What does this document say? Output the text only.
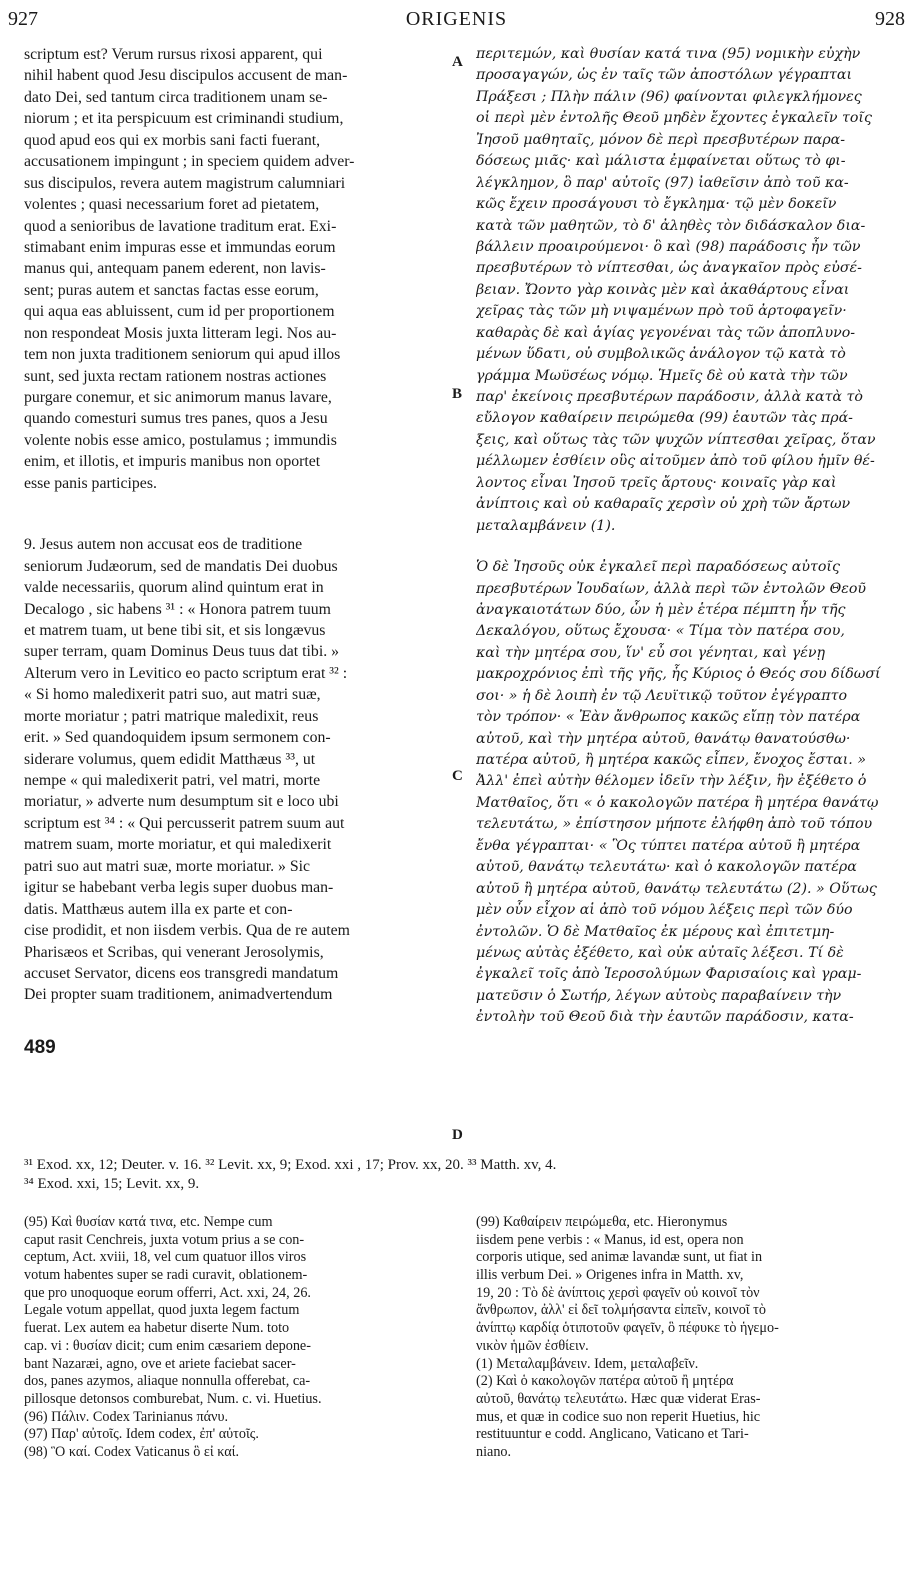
927	ORIGENIS	928
scriptum est? Verum rursus rixosi apparent, qui
nihil habent quod Jesu discipulos accusent de man-
dato Dei, sed tantum circa traditionem unam se-
niorum ; et ita perspicuum est criminandi studium,
quod apud eos qui ex morbis sani facti fuerant,
accusationem impingunt ; in speciem quidem adver-
sus discipulos, revera autem magistrum calumniari
volentes ; quasi necessarium foret ad pietatem,
quod a senioribus de lavatione traditum erat. Exi-
stimabant enim impuras esse et immundas eorum
manus qui, antequam panem ederent, non lavis-
sent; puras autem et sanctas factas esse eorum,
qui aqua eas abluissent, cum id per proportionem
non respondeat Mosis juxta litteram legi. Nos au-
tem non juxta traditionem seniorum qui apud illos
sunt, sed juxta rectam rationem nostras actiones
purgare conemur, et sic animorum manus lavare,
quando comesturi sumus tres panes, quos a Jesu
volente nobis esse amico, postulamus ; immundis
enim, et illotis, et impuris manibus non oportet
esse panis participes.
9. Jesus autem non accusat eos de traditione
seniorum Judæorum, sed de mandatis Dei duobus
valde necessariis, quorum alind quintum erat in
Decalogo , sic habens ³¹ : « Honora patrem tuum
et matrem tuam, ut bene tibi sit, et sis longævus
super terram, quam Dominus Deus tuus dat tibi. »
Alterum vero in Levitico eo pacto scriptum erat ³² :
« Si homo maledixerit patri suo, aut matri suæ,
morte moriatur ; patri matrique maledixit, reus
erit. » Sed quandoquidem ipsum sermonem con-
siderare volumus, quem edidit Matthæus ³³, ut
nempe « qui maledixerit patri, vel matri, morte
moriatur, » adverte num desumptum sit e loco ubi
scriptum est ³⁴ : « Qui percusserit patrem suum aut
matrem suam, morte moriatur, et qui maledixerit
patri suo aut matri suæ, morte moriatur. » Sic
igitur se habebant verba legis super duobus man-
datis. Matthæus autem illa ex parte et con-
cise prodidit, et non iisdem verbis. Qua de re autem
Pharisæos et Scribas, qui venerant Jerosolymis,
accuset Servator, dicens eos transgredi mandatum
Dei propter suam traditionem, animadvertendum
περιτεμών, καὶ θυσίαν κατά τινα (95) νομικὴν εὐχὴν
προσαγαγών, ὡς ἐν ταῖς τῶν ἀποστόλων γέγραπται
Πράξεσι ; Πλὴν πάλιν (96) φαίνονται φιλεγκλήμονες
οἱ περὶ μὲν ἐντολῆς Θεοῦ μηδὲν ἔχοντες ἐγκαλεῖν τοῖς
Ἰησοῦ μαθηταῖς, μόνον δὲ περὶ πρεσβυτέρων παρα-
δόσεως μιᾶς· καὶ μάλιστα ἐμφαίνεται οὕτως τὸ φι-
λέγκλημον, ὃ παρ' αὐτοῖς (97) ἰαθεῖσιν ἀπὸ τοῦ κα-
κῶς ἔχειν προσάγουσι τὸ ἔγκλημα· τῷ μὲν δοκεῖν
κατὰ τῶν μαθητῶν, τὸ δ' ἀληθὲς τὸν διδάσκαλον δια-
βάλλειν προαιρούμενοι· ὃ καὶ (98) παράδοσις ἦν τῶν
πρεσβυτέρων τὸ νίπτεσθαι, ὡς ἀναγκαῖον πρὸς εὐσέ-
βειαν. Ὤοντο γὰρ κοινὰς μὲν καὶ ἀκαθάρτους εἶναι
χεῖρας τὰς τῶν μὴ νιψαμένων πρὸ τοῦ ἀρτοφαγεῖν·
καθαρὰς δὲ καὶ ἁγίας γεγονέναι τὰς τῶν ἀποπλυνο-
μένων ὕδατι, οὐ συμβολικῶς ἀνάλογον τῷ κατὰ τὸ
γράμμα Μωϋσέως νόμῳ. Ἡμεῖς δὲ οὐ κατὰ τὴν τῶν
παρ' ἐκείνοις πρεσβυτέρων παράδοσιν, ἀλλὰ κατὰ τὸ
εὔλογον καθαίρειν πειρώμεθα (99) ἑαυτῶν τὰς πρά-
ξεις, καὶ οὕτως τὰς τῶν ψυχῶν νίπτεσθαι χεῖρας, ὅταν
μέλλωμεν ἐσθίειν οὓς αἰτοῦμεν ἀπὸ τοῦ φίλου ἡμῖν θέ-
λοντος εἶναι Ἰησοῦ τρεῖς ἄρτους· κοιναῖς γὰρ καὶ
ἀνίπτοις καὶ οὐ καθαραῖς χερσὶν οὐ χρὴ τῶν ἄρτων
μεταλαμβάνειν (1).
Ὁ δὲ Ἰησοῦς οὐκ ἐγκαλεῖ περὶ παραδόσεως αὐτοῖς
πρεσβυτέρων Ἰουδαίων, ἀλλὰ περὶ τῶν ἐντολῶν Θεοῦ
ἀναγκαιοτάτων δύο, ὧν ἡ μὲν ἑτέρα πέμπτη ἦν τῆς
Δεκαλόγου, οὕτως ἔχουσα· « Τίμα τὸν πατέρα σου,
καὶ τὴν μητέρα σου, ἵν' εὖ σοι γένηται, καὶ γένῃ
μακροχρόνιος ἐπὶ τῆς γῆς, ἧς Κύριος ὁ Θεός σου δίδωσί
σοι· » ἡ δὲ λοιπὴ ἐν τῷ Λευϊτικῷ τοῦτον ἐγέγραπτο
τὸν τρόπον· « Ἐὰν ἄνθρωπος κακῶς εἴπῃ τὸν πατέρα
αὐτοῦ, καὶ τὴν μητέρα αὐτοῦ, θανάτῳ θανατούσθω·
πατέρα αὐτοῦ, ἢ μητέρα κακῶς εἶπεν, ἔνοχος ἔσται. »
Ἀλλ' ἐπεὶ αὐτὴν θέλομεν ἰδεῖν τὴν λέξιν, ἣν ἐξέθετο ὁ
Ματθαῖος, ὅτι « ὁ κακολογῶν πατέρα ἢ μητέρα θανάτῳ
τελευτάτω, » ἐπίστησον μήποτε ἐλήφθη ἀπὸ τοῦ τόπου
ἔνθα γέγραπται· « Ὃς τύπτει πατέρα αὐτοῦ ἢ μητέρα
αὐτοῦ, θανάτῳ τελευτάτω· καὶ ὁ κακολογῶν πατέρα
αὐτοῦ ἢ μητέρα αὐτοῦ, θανάτῳ τελευτάτω (2). » Οὕτως
μὲν οὖν εἶχον αἱ ἀπὸ τοῦ νόμου λέξεις περὶ τῶν δύο
ἐντολῶν. Ὁ δὲ Ματθαῖος ἐκ μέρους καὶ ἐπιτετμη-
μένως αὐτὰς ἐξέθετο, καὶ οὐκ αὐταῖς λέξεσι. Τί δὲ
ἐγκαλεῖ τοῖς ἀπὸ Ἱεροσολύμων Φαρισαίοις καὶ γραμ-
ματεῦσιν ὁ Σωτήρ, λέγων αὐτοὺς παραβαίνειν τὴν
ἐντολὴν τοῦ Θεοῦ διὰ τὴν ἑαυτῶν παράδοσιν, κατα-
A
B
C
D
489
³¹ Exod. xx, 12; Deuter. v. 16. ³² Levit. xx, 9; Exod. xxi , 17; Prov. xx, 20. ³³ Matth. xv, 4.
³⁴ Exod. xxi, 15; Levit. xx, 9.
(95) Καὶ θυσίαν κατά τινα, etc. Nempe cum
caput rasit Cenchreis, juxta votum prius a se con-
ceptum, Act. xviii, 18, vel cum quatuor illos viros
votum habentes super se radi curavit, oblationem-
que pro unoquoque eorum offerri, Act. xxi, 24, 26.
Legale votum appellat, quod juxta legem factum
fuerat. Lex autem ea habetur diserte Num. toto
cap. vi : θυσίαν dicit; cum enim cæsariem depone-
bant Nazaræi, agno, ove et ariete faciebat sacer-
dos, panes azymos, aliaque nonnulla offerebat, ca-
pillosque detonsos comburebat, Num. c. vi. Huetius.
(96) Πάλιν. Codex Tarinianus πάνυ.
(97) Παρ' αὐτοῖς. Idem codex, ἐπ' αὐτοῖς.
(98) Ὃ καί. Codex Vaticanus ὃ εἰ καί.
(99) Καθαίρειν πειρώμεθα, etc. Hieronymus
iisdem pene verbis : « Manus, id est, opera non
corporis utique, sed animæ lavandæ sunt, ut fiat in
illis verbum Dei. » Origenes infra in Matth. xv,
19, 20 : Τὸ δὲ ἀνίπτοις χερσὶ φαγεῖν οὐ κοινοῖ τὸν
ἄνθρωπον, ἀλλ' εἰ δεῖ τολμήσαντα εἰπεῖν, κοινοῖ τὸ
ἀνίπτῳ καρδίᾳ ὁτιποτοῦν φαγεῖν, ὃ πέφυκε τὸ ἡγεμο-
νικὸν ἡμῶν ἐσθίειν.
(1) Μεταλαμβάνειν. Idem, μεταλαβεῖν.
(2) Καὶ ὁ κακολογῶν πατέρα αὐτοῦ ἢ μητέρα
αὐτοῦ, θανάτῳ τελευτάτω. Hæc quæ viderat Eras-
mus, et quæ in codice suo non reperit Huetius, hic
restituuntur e codd. Anglicano, Vaticano et Tari-
niano.
